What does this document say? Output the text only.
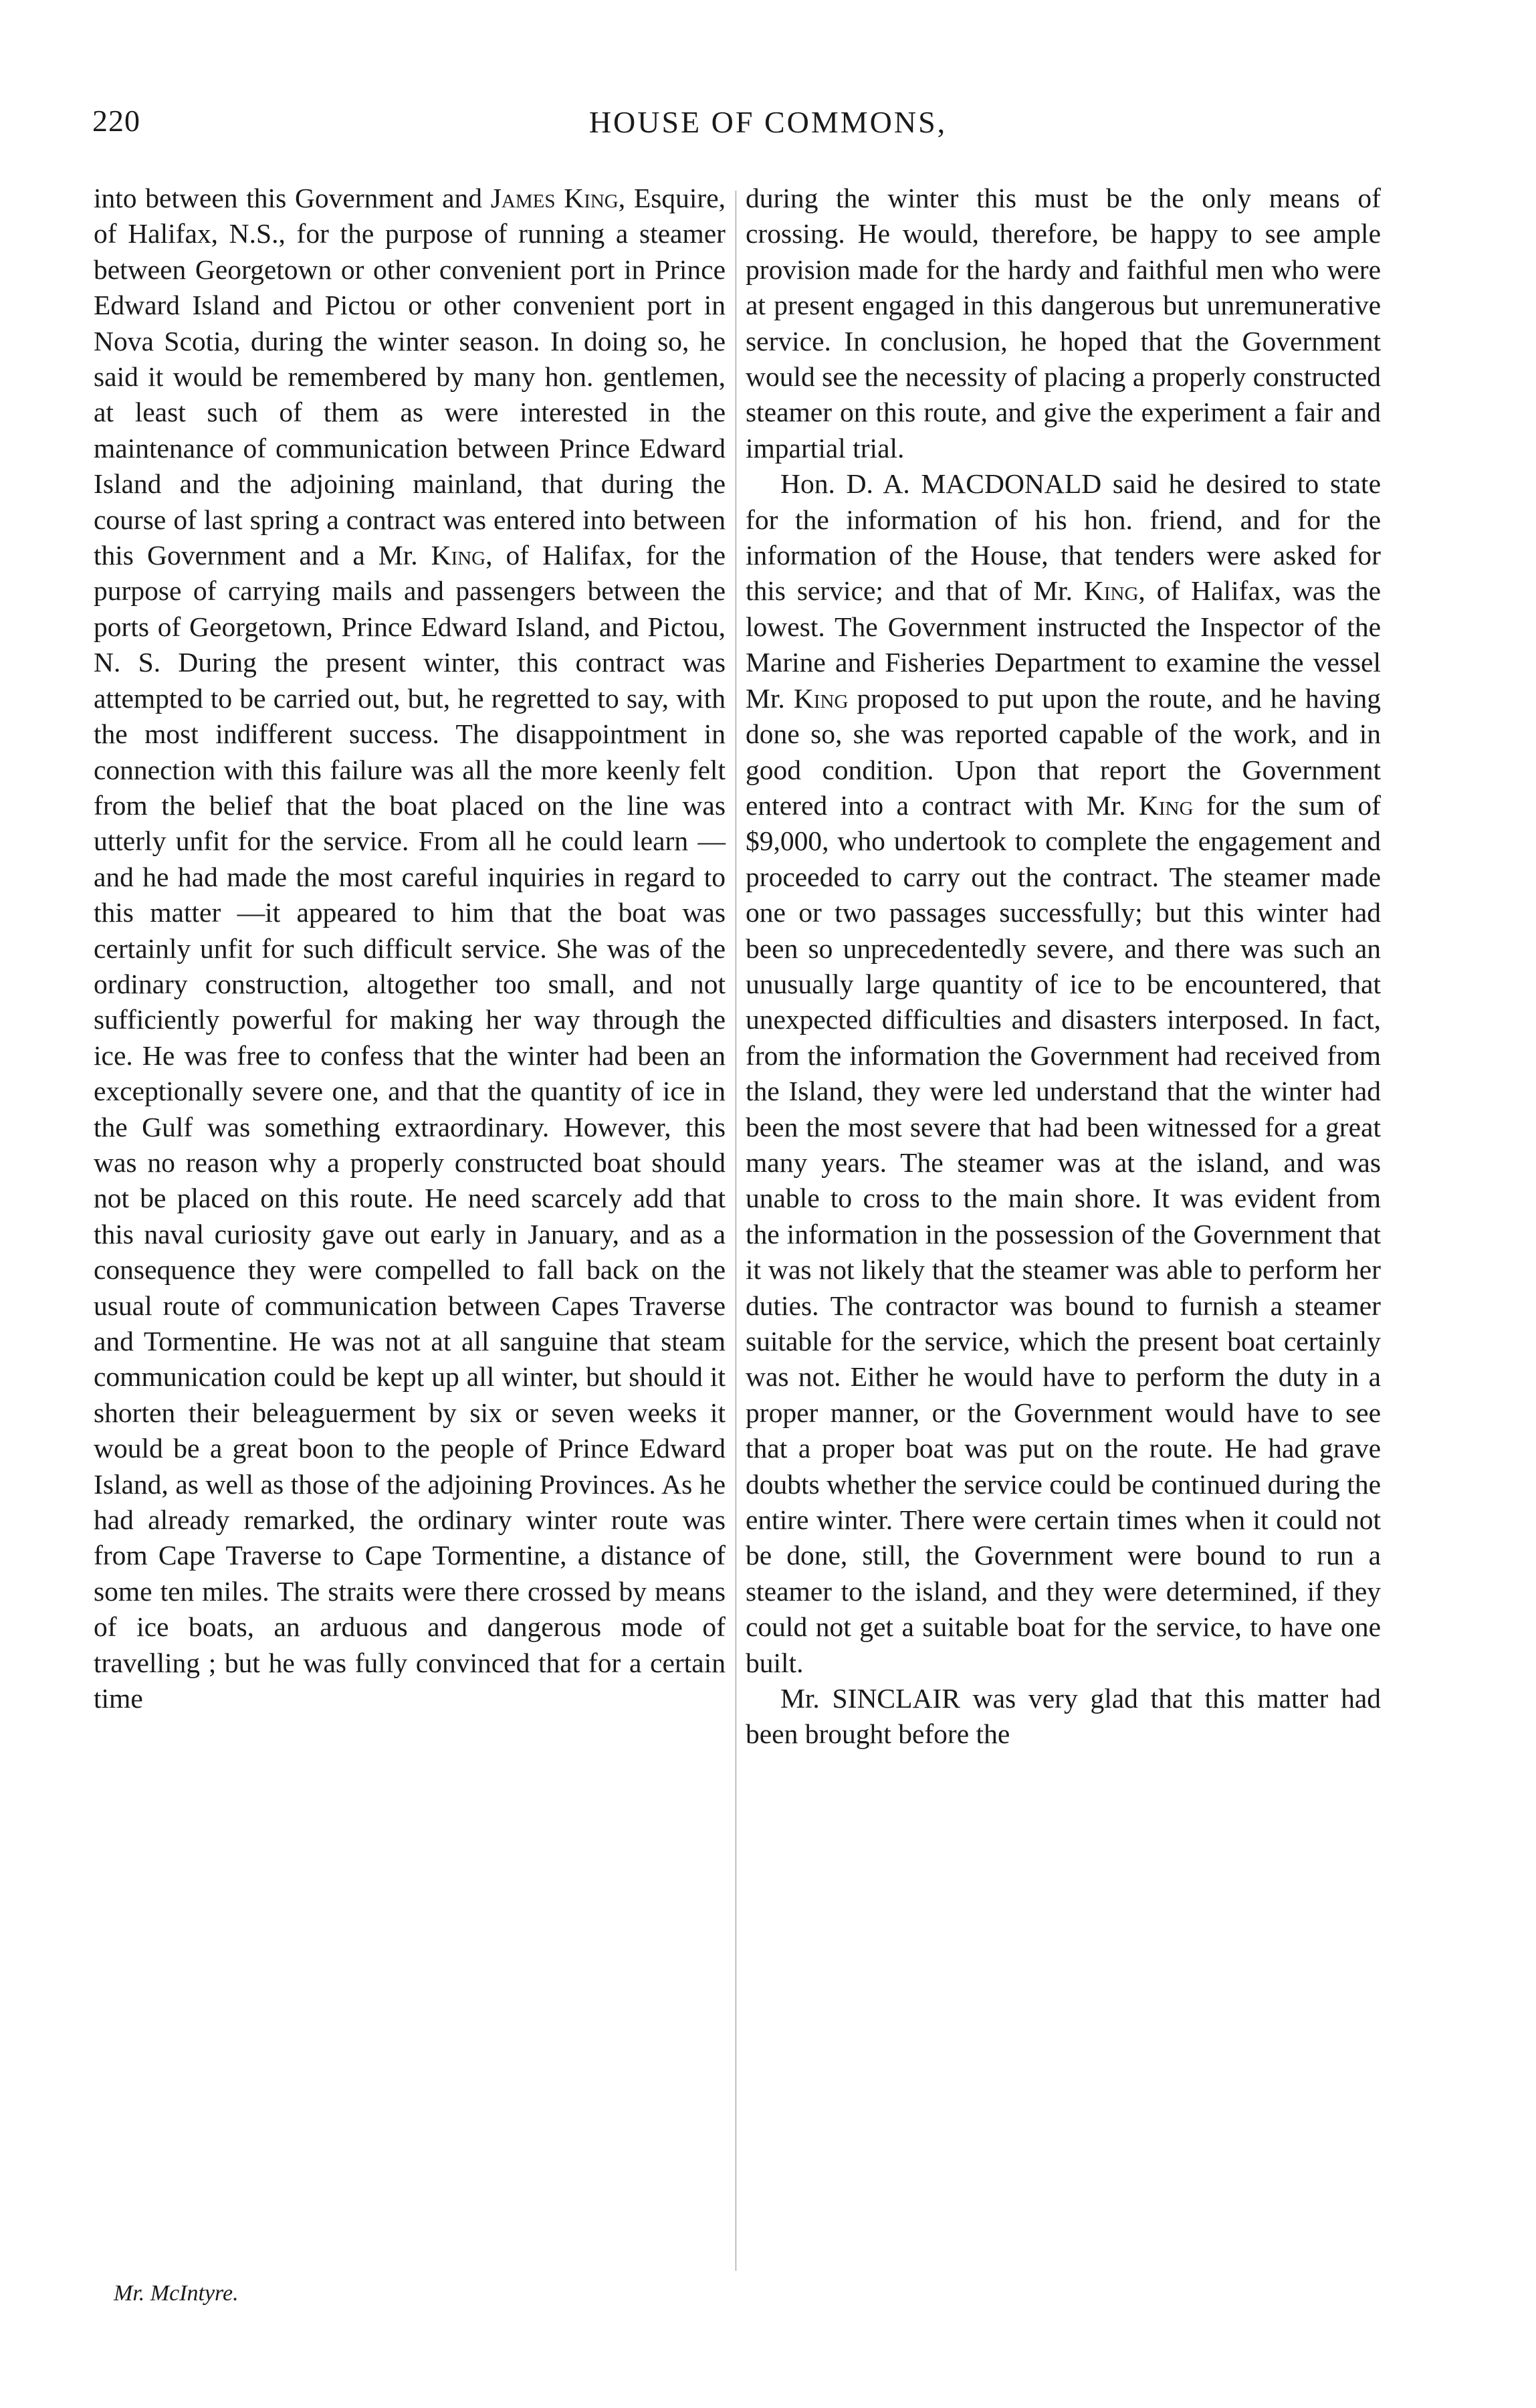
220	HOUSE OF COMMONS,

into between this Government and James King, Esquire, of Halifax, N.S., for the purpose of running a steamer between Georgetown or other convenient port in Prince Edward Island and Pictou or other convenient port in Nova Scotia, during the winter season. In doing so, he said it would be remembered by many hon. gentlemen, at least such of them as were interested in the maintenance of communication between Prince Edward Island and the adjoining mainland, that during the course of last spring a contract was entered into between this Government and a Mr. King, of Halifax, for the purpose of carrying mails and passengers between the ports of Georgetown, Prince Edward Island, and Pictou, N. S. During the present winter, this contract was attempted to be carried out, but, he regretted to say, with the most indifferent success. The disappointment in connection with this failure was all the more keenly felt from the belief that the boat placed on the line was utterly unfit for the service. From all he could learn —and he had made the most careful inquiries in regard to this matter —it appeared to him that the boat was certainly unfit for such difficult service. She was of the ordinary construction, altogether too small, and not sufficiently powerful for making her way through the ice. He was free to confess that the winter had been an exceptionally severe one, and that the quantity of ice in the Gulf was something extraordinary. However, this was no reason why a properly constructed boat should not be placed on this route. He need scarcely add that this naval curiosity gave out early in January, and as a consequence they were compelled to fall back on the usual route of communication between Capes Traverse and Tormentine. He was not at all sanguine that steam communication could be kept up all winter, but should it shorten their beleaguerment by six or seven weeks it would be a great boon to the people of Prince Edward Island, as well as those of the adjoining Provinces. As he had already remarked, the ordinary winter route was from Cape Traverse to Cape Tormentine, a distance of some ten miles. The straits were there crossed by means of ice boats, an arduous and dangerous mode of travelling ; but he was fully convinced that for a certain time

during the winter this must be the only means of crossing. He would, therefore, be happy to see ample provision made for the hardy and faithful men who were at present engaged in this dangerous but unremunerative service. In conclusion, he hoped that the Government would see the necessity of placing a properly constructed steamer on this route, and give the experiment a fair and impartial trial.

Hon. D. A. MACDONALD said he desired to state for the information of his hon. friend, and for the information of the House, that tenders were asked for this service; and that of Mr. King, of Halifax, was the lowest. The Government instructed the Inspector of the Marine and Fisheries Department to examine the vessel Mr. King proposed to put upon the route, and he having done so, she was reported capable of the work, and in good condition. Upon that report the Government entered into a contract with Mr. King for the sum of $9,000, who undertook to complete the engagement and proceeded to carry out the contract. The steamer made one or two passages successfully; but this winter had been so unprecedentedly severe, and there was such an unusually large quantity of ice to be encountered, that unexpected difficulties and disasters interposed. In fact, from the information the Government had received from the Island, they were led understand that the winter had been the most severe that had been witnessed for a great many years. The steamer was at the island, and was unable to cross to the main shore. It was evident from the information in the possession of the Government that it was not likely that the steamer was able to perform her duties. The contractor was bound to furnish a steamer suitable for the service, which the present boat certainly was not. Either he would have to perform the duty in a proper manner, or the Government would have to see that a proper boat was put on the route. He had grave doubts whether the service could be continued during the entire winter. There were certain times when it could not be done, still, the Government were bound to run a steamer to the island, and they were determined, if they could not get a suitable boat for the service, to have one built.

Mr. SINCLAIR was very glad that this matter had been brought before the

Mr. McIntyre.
